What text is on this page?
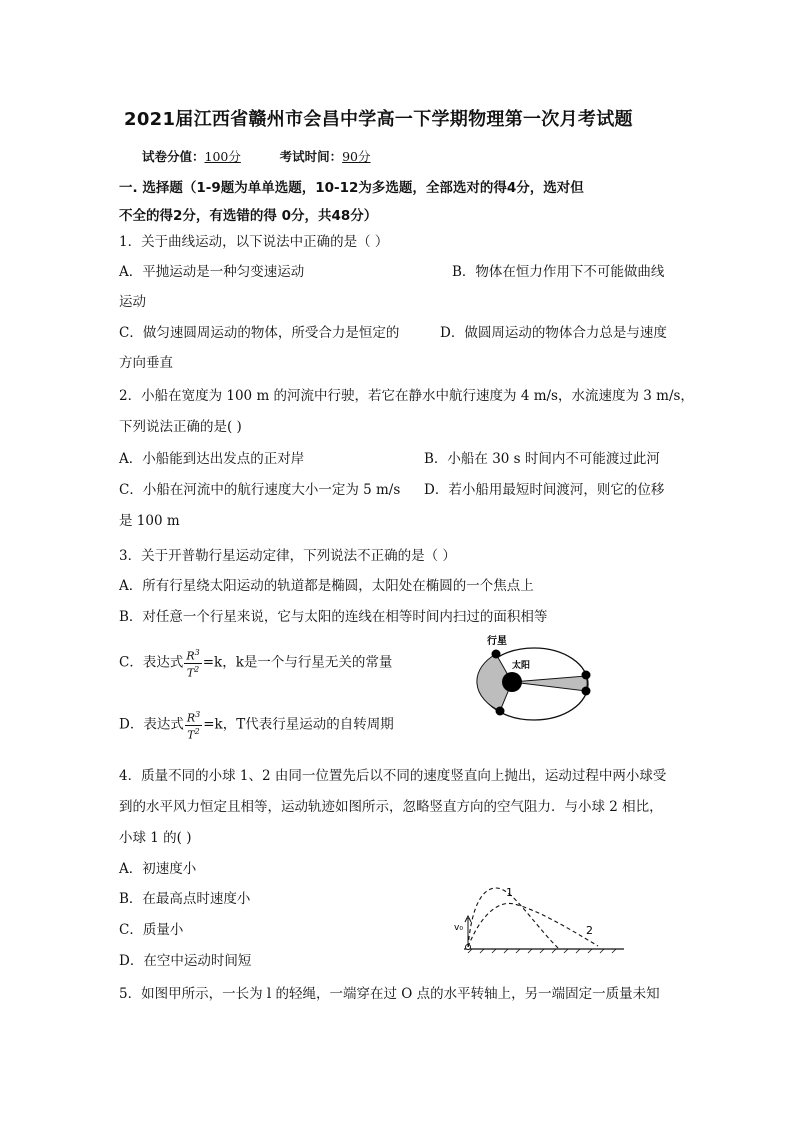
2021届江西省赣州市会昌中学高一下学期物理第一次月考试题
试卷分值：100分	考试时间：90分
一. 选择题（1-9题为单单选题，10-12为多选题，全部选对的得4分，选对但
不全的得2分，有选错的得 0分，共48分）
1．关于曲线运动，以下说法中正确的是（ ）
A．平抛运动是一种匀变速运动	B．物体在恒力作用下不可能做曲线
运动
C．做匀速圆周运动的物体，所受合力是恒定的	D．做圆周运动的物体合力总是与速度
方向垂直
2．小船在宽度为 100 m 的河流中行驶，若它在静水中航行速度为 4 m/s，水流速度为 3 m/s，
下列说法正确的是( )
A．小船能到达出发点的正对岸	B．小船在 30 s 时间内不可能渡过此河
C．小船在河流中的航行速度大小一定为 5 m/s D．若小船用最短时间渡河，则它的位移
是 100 m
3．关于开普勒行星运动定律，下列说法不正确的是（ ）
A．所有行星绕太阳运动的轨道都是椭圆，太阳处在椭圆的一个焦点上
B．对任意一个行星来说，它与太阳的连线在相等时间内扫过的面积相等
C．表达式 $\frac{R^3}{T^2} =k$，k是一个与行星无关的常量
D．表达式 $\frac{R^3}{T^2} =k$，T代表行星运动的自转周期
行星
太阳
4．质量不同的小球 1、2 由同一位置先后以不同的速度竖直向上抛出，运动过程中两小球受
到的水平风力恒定且相等，运动轨迹如图所示，忽略竖直方向的空气阻力．与小球 2 相比，
小球 1 的( )
A．初速度小
B．在最高点时速度小
C．质量小
D．在空中运动时间短
v₀
1
2
5．如图甲所示，一长为 l 的轻绳，一端穿在过 O 点的水平转轴上，另一端固定一质量未知
